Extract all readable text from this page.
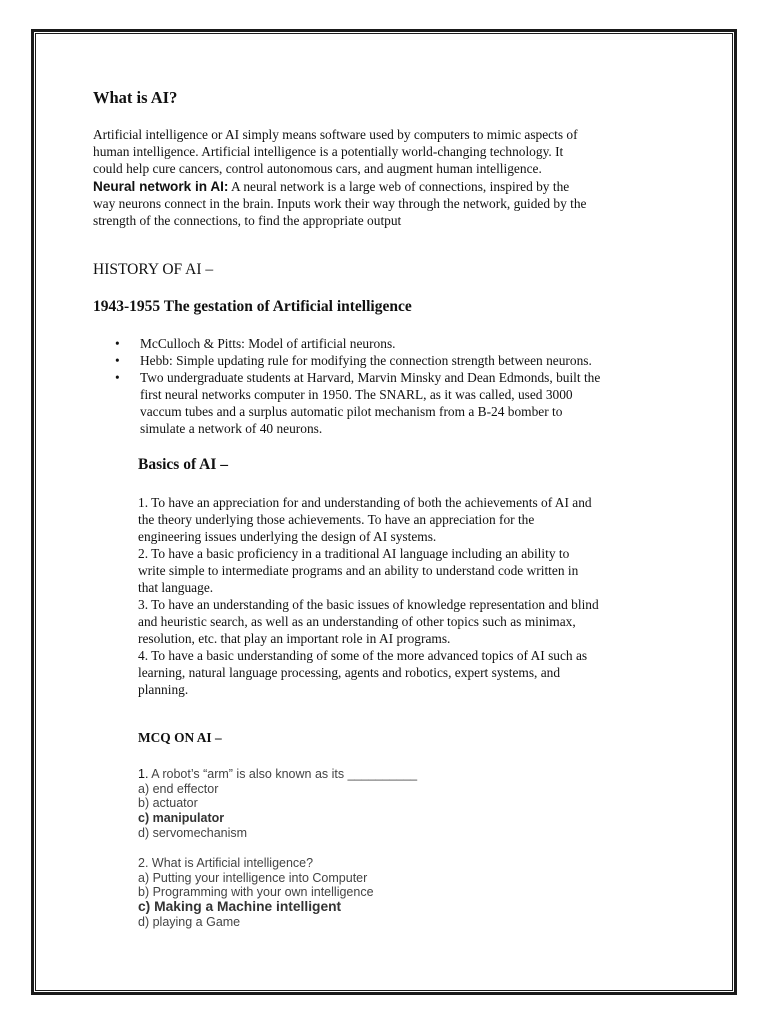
What is AI?
Artificial intelligence or AI simply means software used by computers to mimic aspects of
human intelligence. Artificial intelligence is a potentially world-changing technology. It
could help cure cancers, control autonomous cars, and augment human intelligence.
Neural network in AI: A neural network is a large web of connections, inspired by the
way neurons connect in the brain. Inputs work their way through the network, guided by the
strength of the connections, to find the appropriate output
HISTORY OF AI –
1943-1955 The gestation of Artificial intelligence
• McCulloch & Pitts: Model of artificial neurons.
• Hebb: Simple updating rule for modifying the connection strength between neurons.
• Two undergraduate students at Harvard, Marvin Minsky and Dean Edmonds, built the
first neural networks computer in 1950. The SNARL, as it was called, used 3000
vaccum tubes and a surplus automatic pilot mechanism from a B-24 bomber to
simulate a network of 40 neurons.
Basics of AI –

1. To have an appreciation for and understanding of both the achievements of AI and

the theory underlying those achievements. To have an appreciation for the

engineering issues underlying the design of AI systems.

2. To have a basic proficiency in a traditional AI language including an ability to

write simple to intermediate programs and an ability to understand code written in

that language.

3. To have an understanding of the basic issues of knowledge representation and blind

and heuristic search, as well as an understanding of other topics such as minimax,

resolution, etc. that play an important role in AI programs.

4. To have a basic understanding of some of the more advanced topics of AI such as

learning, natural language processing, agents and robotics, expert systems, and

planning.

MCQ ON AI –
1. A robot’s “arm” is also known as its __________
a) end effector
b) actuator
c) manipulator
d) servomechanism
2. What is Artificial intelligence?
a) Putting your intelligence into Computer
b) Programming with your own intelligence
c) Making a Machine intelligent
d) playing a Game
